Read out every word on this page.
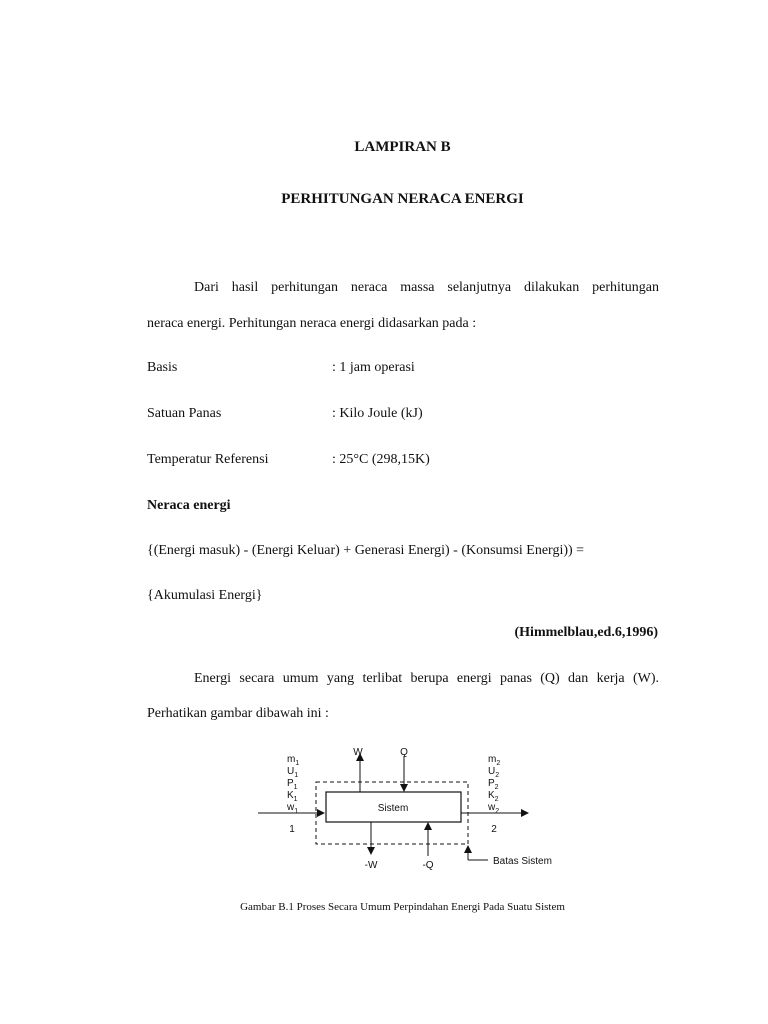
LAMPIRAN B
PERHITUNGAN NERACA ENERGI
Dari hasil perhitungan neraca massa selanjutnya dilakukan perhitungan
neraca energi. Perhitungan neraca energi didasarkan pada :
Basis	: 1 jam operasi
Satuan Panas	: Kilo Joule (kJ)
Temperatur Referensi	: 25°C (298,15K)
Neraca energi
{(Energi masuk) - (Energi Keluar) + Generasi Energi) - (Konsumsi Energi)) =
{Akumulasi Energi}
(Himmelblau,ed.6,1996)
Energi secara umum yang terlibat berupa energi panas (Q) dan kerja (W).
Perhatikan gambar dibawah ini :
$m_1$
$U_1$
$P_1$
$K_1$
$w_1$
$m_2$
$U_2$
$P_2$
$K_2$
$w_2$
Sistem
1	2
W	Q
-W	-Q	Batas Sistem
Gambar B.1 Proses Secara Umum Perpindahan Energi Pada Suatu Sistem
